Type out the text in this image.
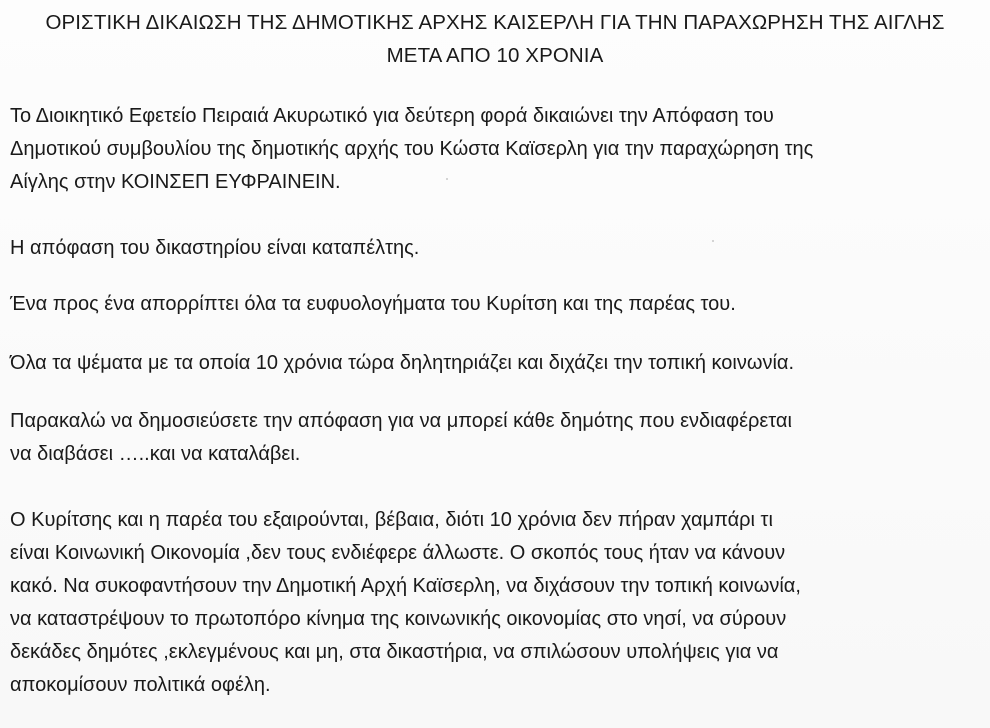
ΟΡΙΣΤΙΚΗ ΔΙΚΑΙΩΣΗ ΤΗΣ ΔΗΜΟΤΙΚΗΣ ΑΡΧΗΣ ΚΑΙΣΕΡΛΗ ΓΙΑ ΤΗΝ ΠΑΡΑΧΩΡΗΣΗ ΤΗΣ ΑΙΓΛΗΣ
ΜΕΤΑ ΑΠΟ 10 ΧΡΟΝΙΑ

Το Διοικητικό Εφετείο Πειραιά Ακυρωτικό για δεύτερη φορά δικαιώνει την Απόφαση του
Δημοτικού συμβουλίου της δημοτικής αρχής του Κώστα Καϊσερλη για την παραχώρηση της
Αίγλης στην ΚΟΙΝΣΕΠ ΕΥΦΡΑΙΝΕΙΝ.

Η απόφαση του δικαστηρίου είναι καταπέλτης.

Ένα προς ένα απορρίπτει όλα τα ευφυολογήματα του Κυρίτση και της παρέας του.

Όλα τα ψέματα με τα οποία 10 χρόνια τώρα δηλητηριάζει και διχάζει την τοπική κοινωνία.

Παρακαλώ να δημοσιεύσετε την απόφαση για να μπορεί κάθε δημότης που ενδιαφέρεται
να διαβάσει …..και να καταλάβει.

Ο Κυρίτσης και η παρέα του εξαιρούνται, βέβαια, διότι 10 χρόνια δεν πήραν χαμπάρι τι
είναι Κοινωνική Οικονομία ,δεν τους ενδιέφερε άλλωστε. Ο σκοπός τους ήταν να κάνουν
κακό. Να συκοφαντήσουν την Δημοτική Αρχή Καϊσερλη, να διχάσουν την τοπική κοινωνία,
να καταστρέψουν το πρωτοπόρο κίνημα της κοινωνικής οικονομίας στο νησί, να σύρουν
δεκάδες δημότες ,εκλεγμένους και μη, στα δικαστήρια, να σπιλώσουν υπολήψεις για να
αποκομίσουν πολιτικά οφέλη.
